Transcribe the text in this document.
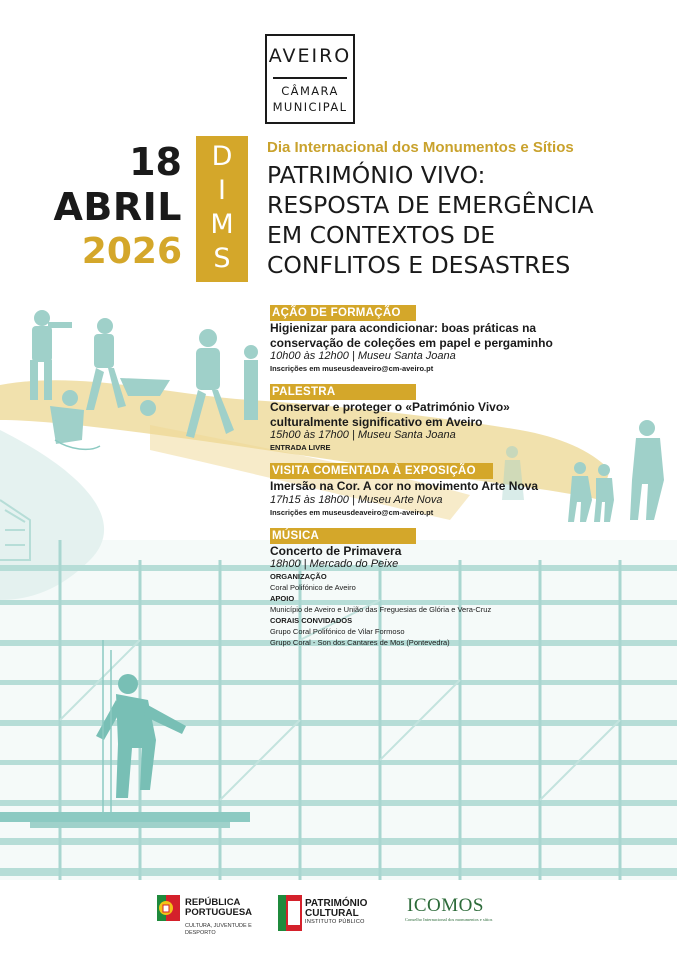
AVEIRO
CÂMARA
MUNICIPAL
18
ABRIL
2026
D
I
M
S
Dia Internacional dos Monumentos e Sítios
PATRIMÓNIO VIVO:
RESPOSTA DE EMERGÊNCIA
EM CONTEXTOS DE
CONFLITOS E DESASTRES
AÇÃO DE FORMAÇÃO
Higienizar para acondicionar: boas práticas na
conservação de coleções em papel e pergaminho
10h00 às 12h00 | Museu Santa Joana
Inscrições em museusdeaveiro@cm-aveiro.pt
PALESTRA
Conservar e proteger o «Património Vivo»
culturalmente significativo em Aveiro
15h00 às 17h00 | Museu Santa Joana
ENTRADA LIVRE
VISITA COMENTADA À EXPOSIÇÃO
Imersão na Cor. A cor no movimento Arte Nova
17h15 às 18h00 | Museu Arte Nova
Inscrições em museusdeaveiro@cm-aveiro.pt
MÚSICA
Concerto de Primavera
18h00 | Mercado do Peixe
ORGANIZAÇÃO
Coral Polifónico de Aveiro
APOIO
Município de Aveiro e União das Freguesias de Glória e Vera-Cruz
CORAIS CONVIDADOS
Grupo Coral Polifónico de Vilar Formoso
Grupo Coral - Son dos Cantares de Mos (Pontevedra)
REPÚBLICA
PORTUGUESA
CULTURA, JUVENTUDE E DESPORTO
PATRIMÓNIO
CULTURAL
INSTITUTO PÚBLICO
ICOMOS
Conselho Internacional dos monumentos e sítios
